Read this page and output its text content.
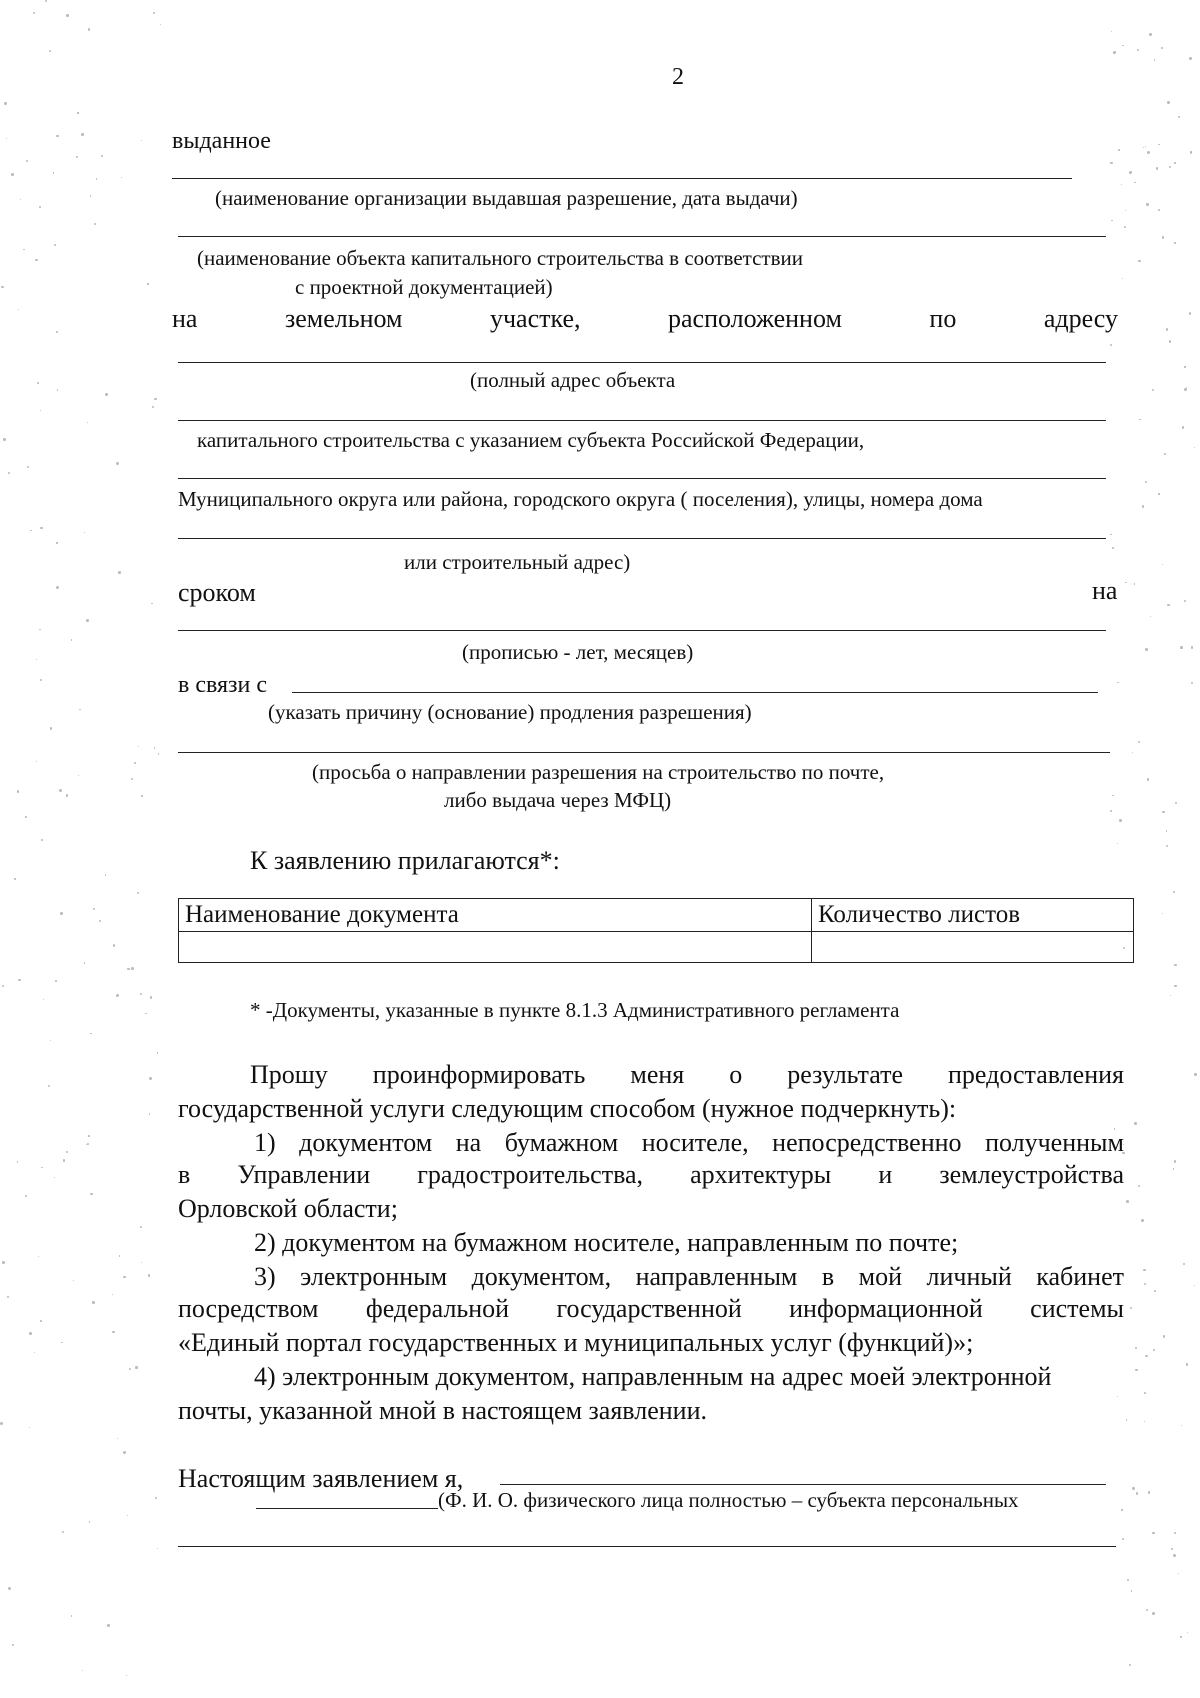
2
выданное
(наименование организации выдавшая разрешение, дата выдачи)
(наименование объекта капитального строительства в соответствии
с проектной документацией)
на	земельном	участке,	расположенном	по	адресу
(полный адрес объекта
капитального строительства с указанием субъекта Российской Федерации,
Муниципального округа или района, городского округа ( поселения), улицы, номера дома
или строительный адрес)
сроком	на
(прописью - лет, месяцев)
в связи с
(указать причину (основание) продления разрешения)
(просьба о направлении разрешения на строительство по почте,
либо выдача через МФЦ)
К заявлению прилагаются*:
Наименование документа	Количество листов

* -Документы, указанные в пункте 8.1.3 Административного регламента
Прошу проинформировать меня о результате предоставления
государственной услуги следующим способом (нужное подчеркнуть):
1) документом на бумажном носителе, непосредственно полученным
в Управлении градостроительства, архитектуры и землеустройства
Орловской области;
2) документом на бумажном носителе, направленным по почте;
3) электронным документом, направленным в мой личный кабинет
посредством федеральной государственной информационной системы
«Единый портал государственных и муниципальных услуг (функций)»;
4) электронным документом, направленным на адрес моей электронной
почты, указанной мной в настоящем заявлении.
Настоящим заявлением я,
(Ф. И. О. физического лица полностью – субъекта персональных
